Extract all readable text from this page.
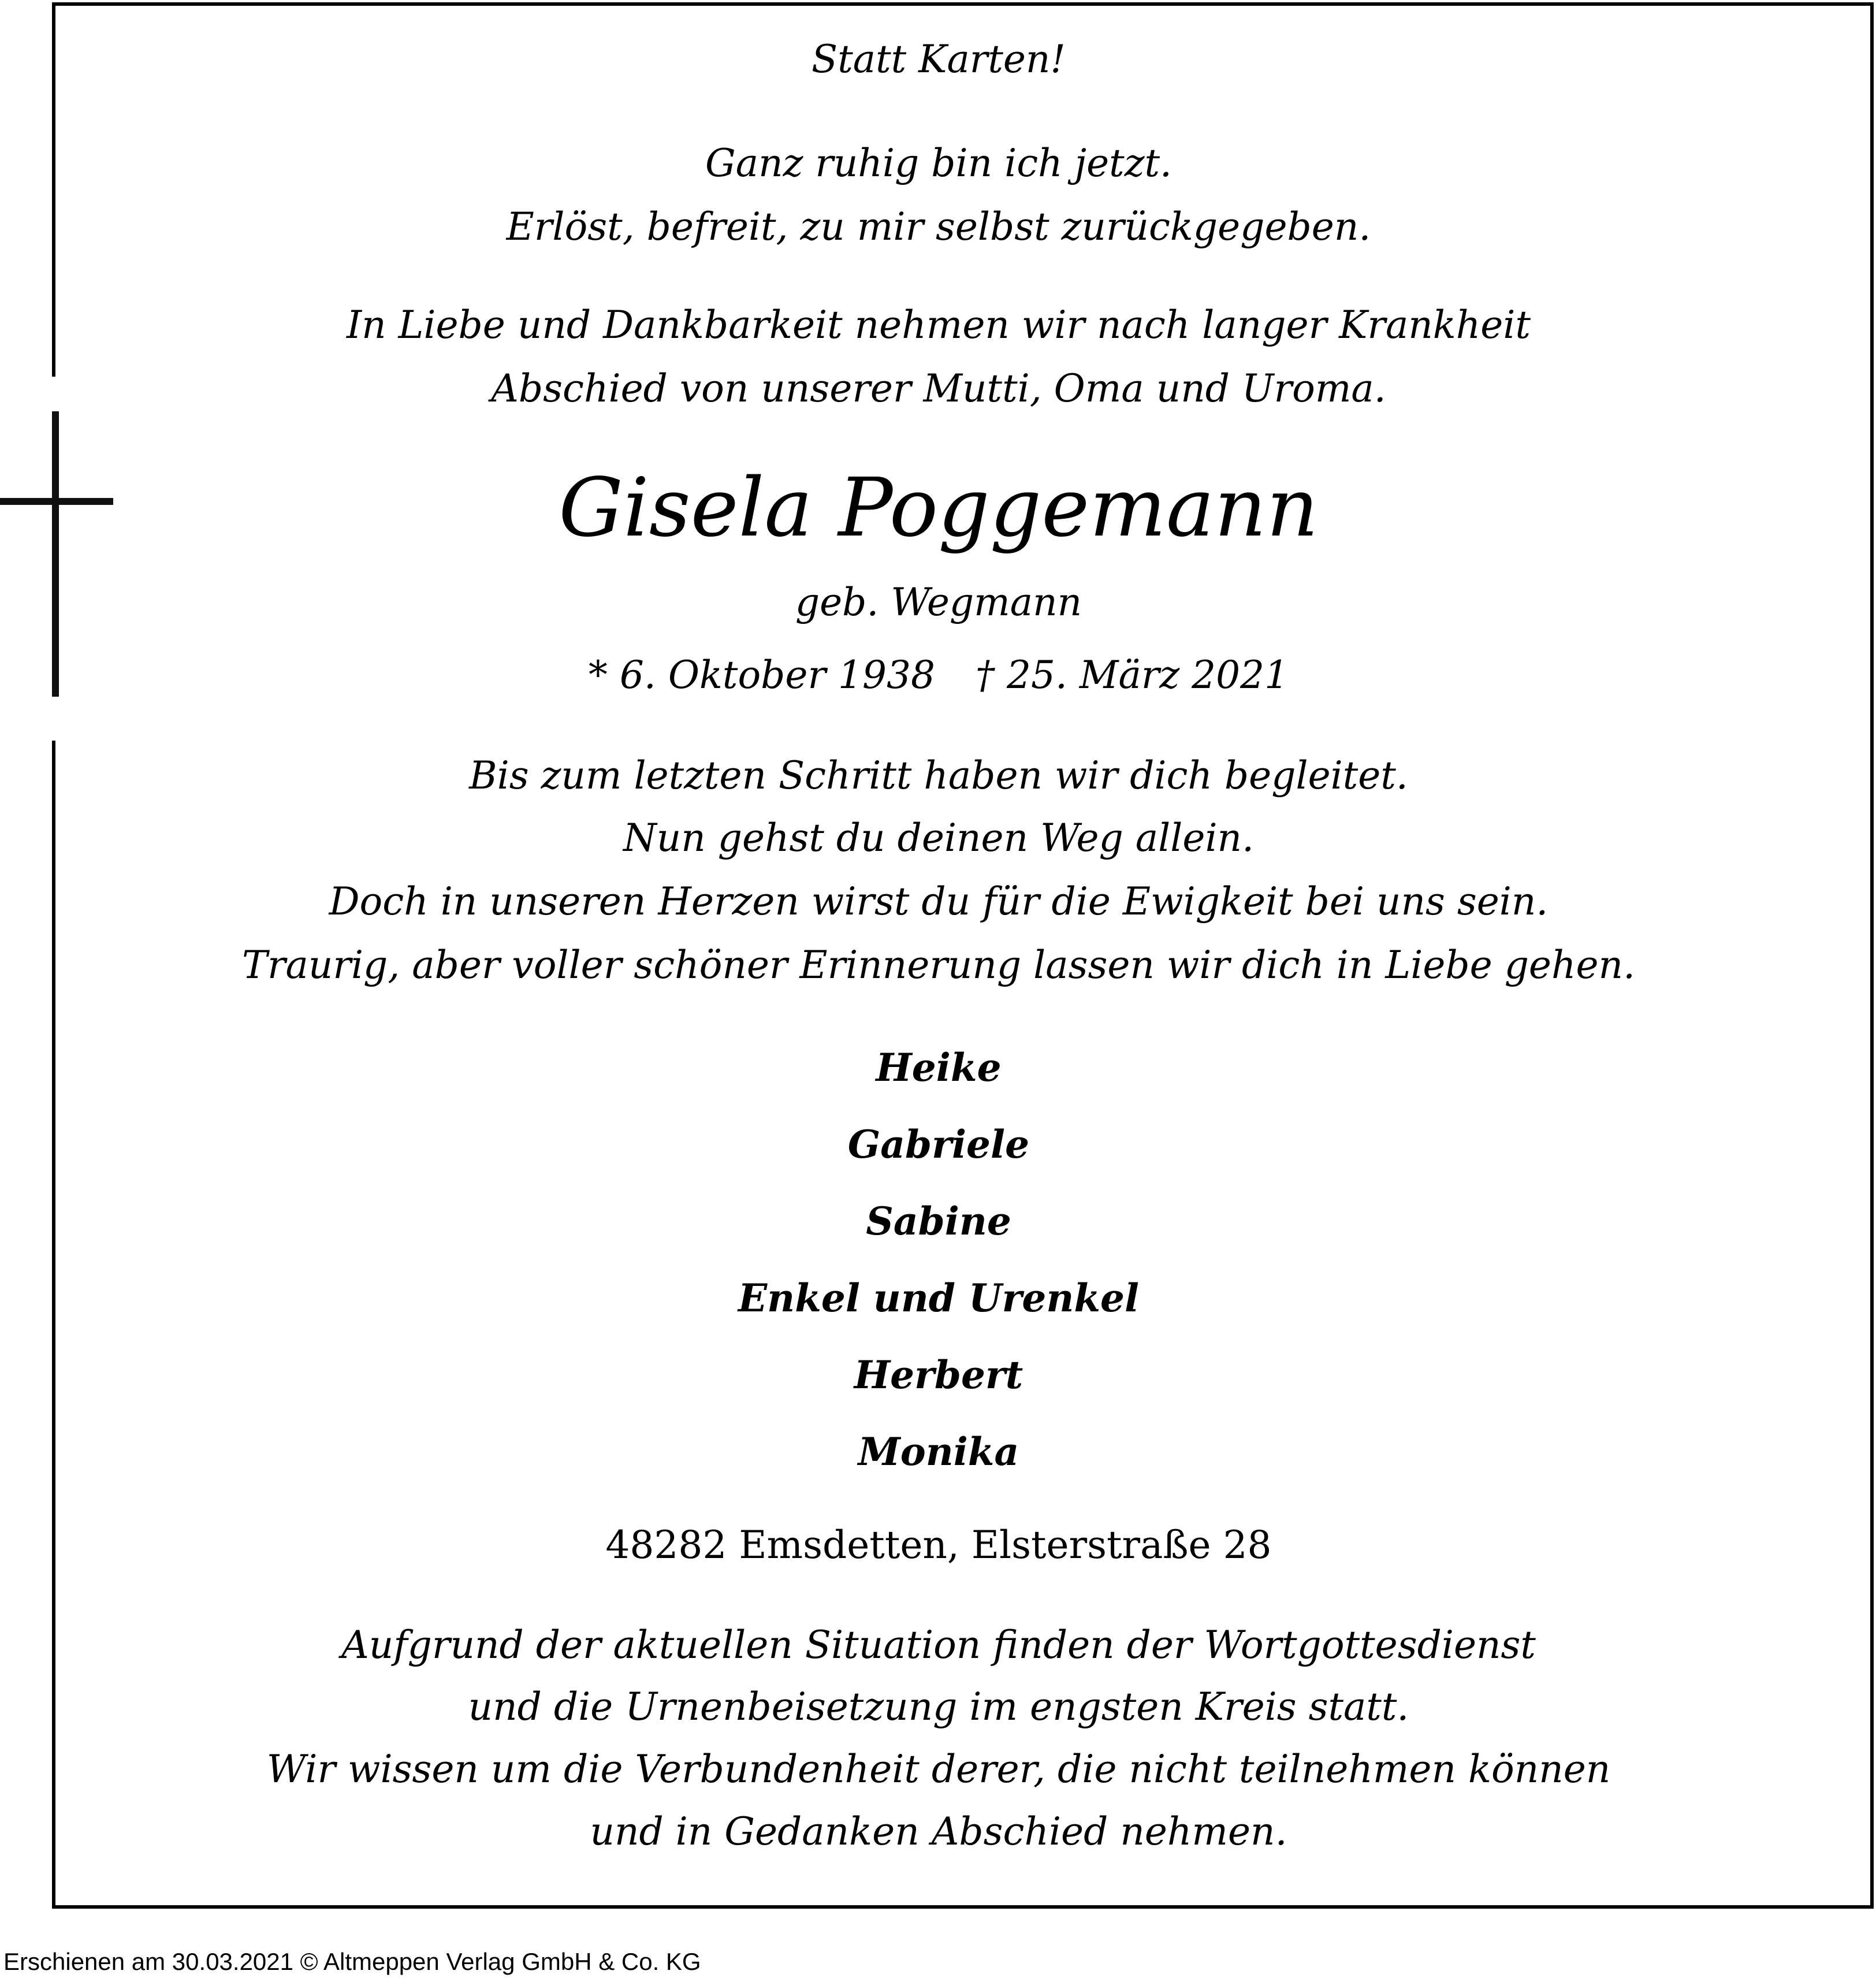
Statt Karten!
Ganz ruhig bin ich jetzt.
Erlöst, befreit, zu mir selbst zurückgegeben.
In Liebe und Dankbarkeit nehmen wir nach langer Krankheit
Abschied von unserer Mutti, Oma und Uroma.
Gisela Poggemann
geb. Wegmann
* 6. Oktober 1938 † 25. März 2021
Bis zum letzten Schritt haben wir dich begleitet.
Nun gehst du deinen Weg allein.
Doch in unseren Herzen wirst du für die Ewigkeit bei uns sein.
Traurig, aber voller schöner Erinnerung lassen wir dich in Liebe gehen.
Heike
Gabriele
Sabine
Enkel und Urenkel
Herbert
Monika
48282 Emsdetten, Elsterstraße 28
Aufgrund der aktuellen Situation finden der Wortgottesdienst
und die Urnenbeisetzung im engsten Kreis statt.
Wir wissen um die Verbundenheit derer, die nicht teilnehmen können
und in Gedanken Abschied nehmen.
Erschienen am 30.03.2021 © Altmeppen Verlag GmbH & Co. KG
